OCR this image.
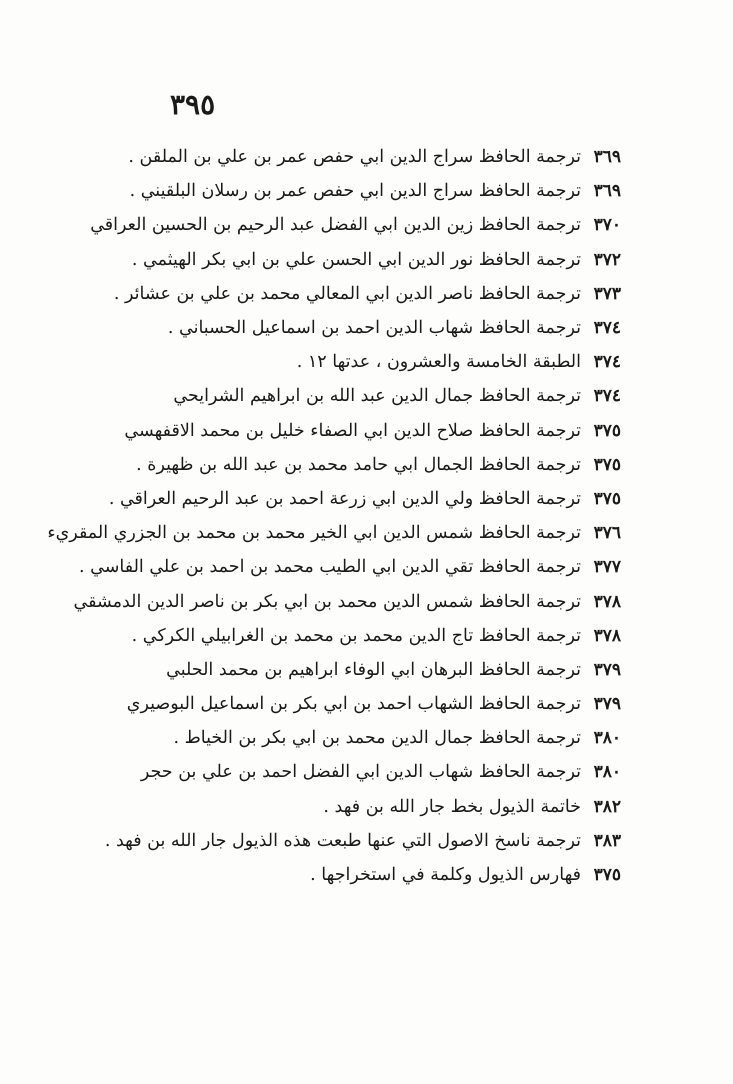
٣٩٥
٣٦٩
ترجمة الحافظ سراج الدين ابي حفص عمر بن علي بن الملقن .
٣٦٩
ترجمة الحافظ سراج الدين ابي حفص عمر بن رسلان البلقيني .
٣٧٠
ترجمة الحافظ زين الدين ابي الفضل عبد الرحيم بن الحسين العراقي
٣٧٢
ترجمة الحافظ نور الدين ابي الحسن علي بن ابي بكر الهيثمي .
٣٧٣
ترجمة الحافظ ناصر الدين ابي المعالي محمد بن علي بن عشائر .
٣٧٤
ترجمة الحافظ شهاب الدين احمد بن اسماعيل الحسباني .
٣٧٤
الطبقة الخامسة والعشرون ، عدتها ١٢ .
٣٧٤
ترجمة الحافظ جمال الدين عبد الله بن ابراهيم الشرايحي
٣٧٥
ترجمة الحافظ صلاح الدين ابي الصفاء خليل بن محمد الاقفهسي
٣٧٥
ترجمة الحافظ الجمال ابي حامد محمد بن عبد الله بن ظهيرة .
٣٧٥
ترجمة الحافظ ولي الدين ابي زرعة احمد بن عبد الرحيم العراقي .
٣٧٦
ترجمة الحافظ شمس الدين ابي الخير محمد بن محمد بن الجزري المقريء
٣٧٧
ترجمة الحافظ تقي الدين ابي الطيب محمد بن احمد بن علي الفاسي .
٣٧٨
ترجمة الحافظ شمس الدين محمد بن ابي بكر بن ناصر الدين الدمشقي
٣٧٨
ترجمة الحافظ تاج الدين محمد بن محمد بن الغرابيلي الكركي .
٣٧٩
ترجمة الحافظ البرهان ابي الوفاء ابراهيم بن محمد الحلبي
٣٧٩
ترجمة الحافظ الشهاب احمد بن ابي بكر بن اسماعيل البوصيري
٣٨٠
ترجمة الحافظ جمال الدين محمد بن ابي بكر بن الخياط .
٣٨٠
ترجمة الحافظ شهاب الدين ابي الفضل احمد بن علي بن حجر
٣٨٢
خاتمة الذيول بخط جار الله بن فهد .
٣٨٣
ترجمة ناسخ الاصول التي عنها طبعت هذه الذيول جار الله بن فهد .
٣٧٥
فهارس الذيول وكلمة في استخراجها .
